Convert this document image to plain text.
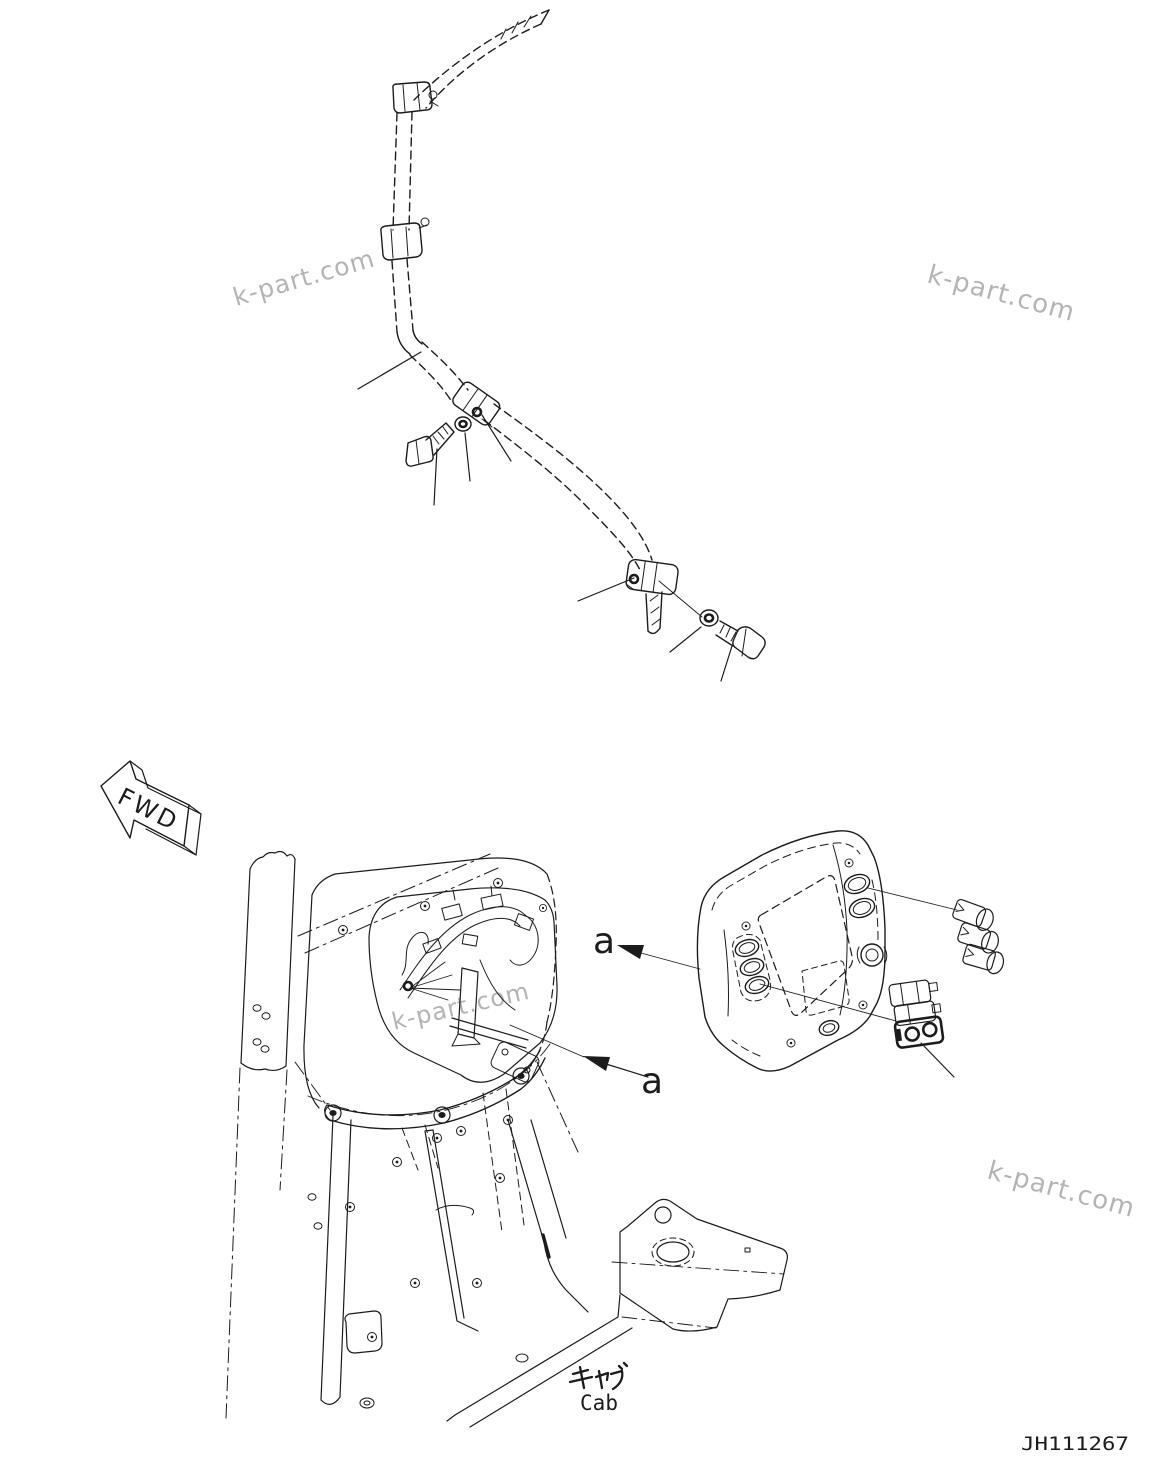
k-part.com	k-part.com
k-part.com
k-part.com
FWD
a
a
Cab
JH111267
